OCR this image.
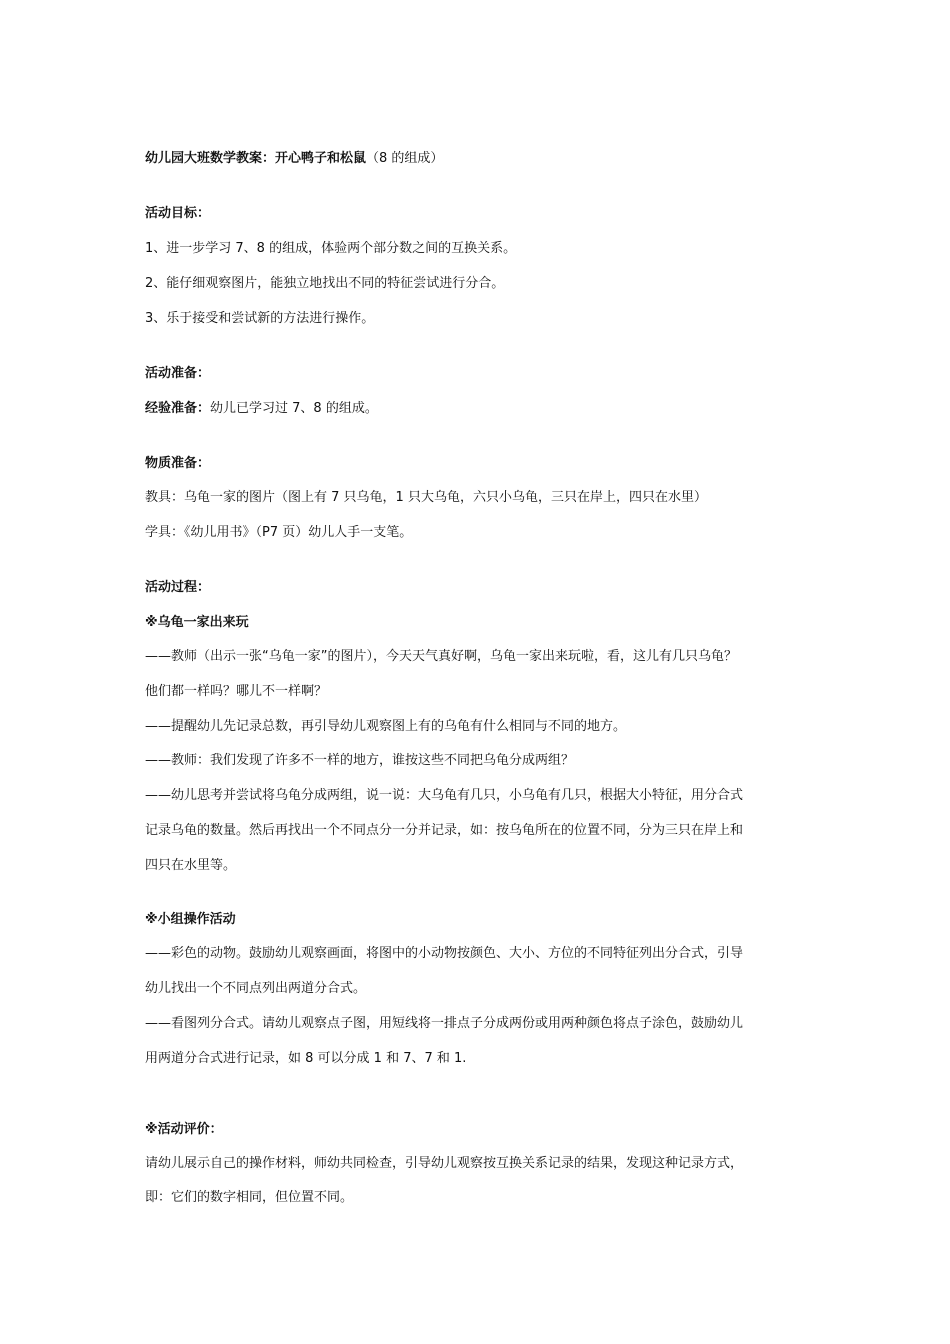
幼儿园大班数学教案：开心鸭子和松鼠（8 的组成）
活动目标：
1、进一步学习 7、8 的组成，体验两个部分数之间的互换关系。
2、能仔细观察图片，能独立地找出不同的特征尝试进行分合。
3、乐于接受和尝试新的方法进行操作。
活动准备：
经验准备：幼儿已学习过 7、8 的组成。
物质准备：
教具：乌龟一家的图片（图上有 7 只乌龟，1 只大乌龟，六只小乌龟，三只在岸上，四只在水里）
学具：《幼儿用书》（P7 页）幼儿人手一支笔。
活动过程：
※乌龟一家出来玩
——教师（出示一张“乌龟一家”的图片），今天天气真好啊，乌龟一家出来玩啦，看，这儿有几只乌龟？
他们都一样吗？哪儿不一样啊？
——提醒幼儿先记录总数，再引导幼儿观察图上有的乌龟有什么相同与不同的地方。
——教师：我们发现了许多不一样的地方，谁按这些不同把乌龟分成两组？
——幼儿思考并尝试将乌龟分成两组，说一说：大乌龟有几只，小乌龟有几只，根据大小特征，用分合式
记录乌龟的数量。然后再找出一个不同点分一分并记录，如：按乌龟所在的位置不同，分为三只在岸上和
四只在水里等。
※小组操作活动
——彩色的动物。鼓励幼儿观察画面，将图中的小动物按颜色、大小、方位的不同特征列出分合式，引导
幼儿找出一个不同点列出两道分合式。
——看图列分合式。请幼儿观察点子图，用短线将一排点子分成两份或用两种颜色将点子涂色，鼓励幼儿
用两道分合式进行记录，如 8 可以分成 1 和 7、7 和 1.
※活动评价：
请幼儿展示自己的操作材料，师幼共同检查，引导幼儿观察按互换关系记录的结果，发现这种记录方式，
即：它们的数字相同，但位置不同。
